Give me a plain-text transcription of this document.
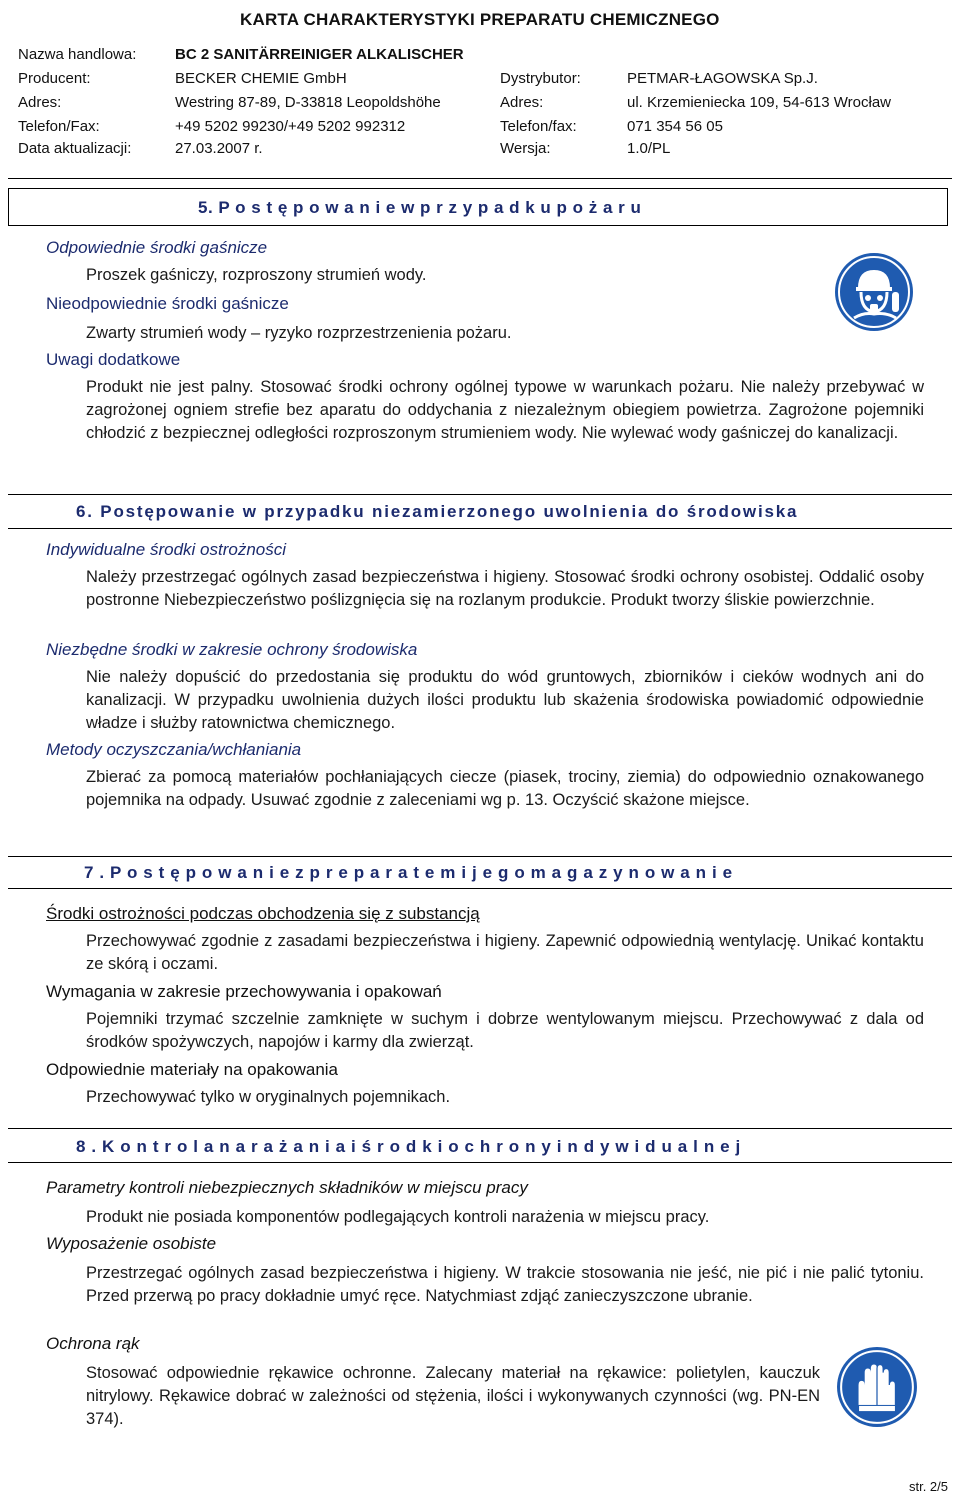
KARTA CHARAKTERYSTYKI PREPARATU CHEMICZNEGO
Nazwa handlowa:	BC 2 SANITÄRREINIGER ALKALISCHER
Producent:	BECKER CHEMIE GmbH	Dystrybutor:	PETMAR-ŁAGOWSKA Sp.J.
Adres:	Westring 87-89, D-33818 Leopoldshöhe	Adres:	ul. Krzemieniecka 109, 54-613 Wrocław
Telefon/Fax:	+49 5202 99230/+49 5202 992312	Telefon/fax:	071 354 56 05
Data aktualizacji:	27.03.2007 r.	Wersja:	1.0/PL
5. P o s t ę p o w a n i e w p r z y p a d k u p o ż a r u
Odpowiednie środki gaśnicze

Proszek gaśniczy, rozproszony strumień wody.

Nieodpowiednie środki gaśnicze

Zwarty strumień wody – ryzyko rozprzestrzenienia pożaru.

Uwagi dodatkowe

Produkt nie jest palny. Stosować środki ochrony ogólnej typowe w warunkach pożaru. Nie należy przebywać w zagrożonej ogniem strefie bez aparatu do oddychania z niezależnym obiegiem powietrza. Zagrożone pojemniki chłodzić z bezpiecznej odległości rozproszonym strumieniem wody. Nie wylewać wody gaśniczej do kanalizacji.

6. Postępowanie w przypadku niezamierzonego uwolnienia do środowiska
Indywidualne środki ostrożności

Należy przestrzegać ogólnych zasad bezpieczeństwa i higieny. Stosować środki ochrony osobistej. Oddalić osoby postronne Niebezpieczeństwo poślizgnięcia się na rozlanym produkcie. Produkt tworzy śliskie powierzchnie.

Niezbędne środki w zakresie ochrony środowiska

Nie należy dopuścić do przedostania się produktu do wód gruntowych, zbiorników i cieków wodnych ani do kanalizacji. W przypadku uwolnienia dużych ilości produktu lub skażenia środowiska powiadomić odpowiednie władze i służby ratownictwa chemicznego.

Metody oczyszczania/wchłaniania

Zbierać za pomocą materiałów pochłaniających ciecze (piasek, trociny, ziemia) do odpowiednio oznakowanego pojemnika na odpady. Usuwać zgodnie z zaleceniami wg p. 13. Oczyścić skażone miejsce.

7 . P o s t ę p o w a n i e z p r e p a r a t e m i j e g o m a g a z y n o w a n i e
Środki ostrożności podczas obchodzenia się z substancją

Przechowywać zgodnie z zasadami bezpieczeństwa i higieny. Zapewnić odpowiednią wentylację. Unikać kontaktu ze skórą i oczami.

Wymagania w zakresie przechowywania i opakowań

Pojemniki trzymać szczelnie zamknięte w suchym i dobrze wentylowanym miejscu. Przechowywać z dala od środków spożywczych, napojów i karmy dla zwierząt.

Odpowiednie materiały na opakowania

Przechowywać tylko w oryginalnych pojemnikach.

8 . K o n t r o l a n a r a ż a n i a i ś r o d k i o c h r o n y i n d y w i d u a l n e j
Parametry kontroli niebezpiecznych składników w miejscu pracy

Produkt nie posiada komponentów podlegających kontroli narażenia w miejscu pracy.

Wyposażenie osobiste

Przestrzegać ogólnych zasad bezpieczeństwa i higieny. W trakcie stosowania nie jeść, nie pić i nie palić tytoniu. Przed przerwą po pracy dokładnie umyć ręce. Natychmiast zdjąć zanieczyszczone ubranie.

Ochrona rąk

Stosować odpowiednie rękawice ochronne. Zalecany materiał na rękawice: polietylen, kauczuk nitrylowy. Rękawice dobrać w zależności od stężenia, ilości i wykonywanych czynności (wg. PN-EN 374).

str. 2/5
